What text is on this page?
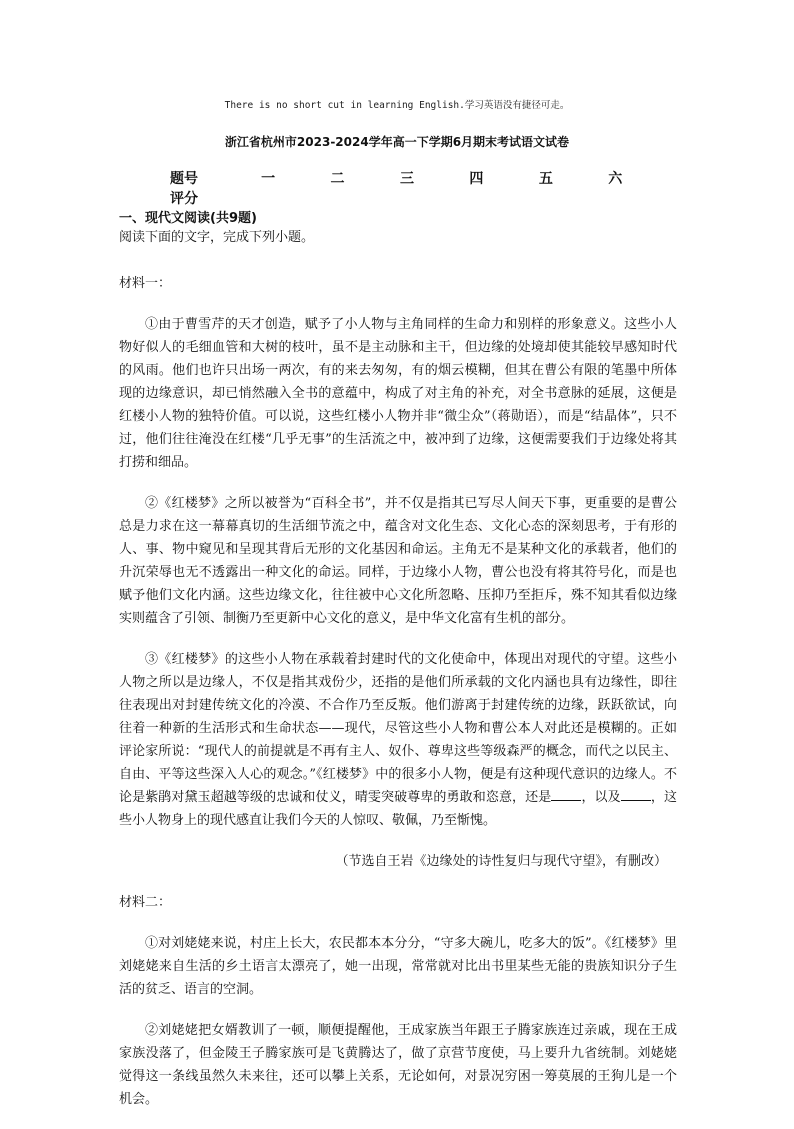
There is no short cut in learning English.学习英语没有捷径可走。
浙江省杭州市2023-2024学年高一下学期6月期末考试语文试卷
题号	一	二	三	四	五	六
评分

一、现代文阅读(共9题)

阅读下面的文字，完成下列小题。

材料一：

①由于曹雪芹的天才创造，赋予了小人物与主角同样的生命力和别样的形象意义。这些小人物好似人的毛细血管和大树的枝叶，虽不是主动脉和主干，但边缘的处境却使其能较早感知时代的风雨。他们也许只出场一两次，有的来去匆匆，有的烟云模糊，但其在曹公有限的笔墨中所体现的边缘意识，却已悄然融入全书的意蕴中，构成了对主角的补充，对全书意脉的延展，这便是红楼小人物的独特价值。可以说，这些红楼小人物并非“微尘众”（蒋勋语），而是“结晶体”，只不过，他们往往淹没在红楼“几乎无事”的生活流之中，被冲到了边缘，这便需要我们于边缘处将其打捞和细品。

②《红楼梦》之所以被誉为“百科全书”，并不仅是指其已写尽人间天下事，更重要的是曹公总是力求在这一幕幕真切的生活细节流之中，蕴含对文化生态、文化心态的深刻思考，于有形的人、事、物中窥见和呈现其背后无形的文化基因和命运。主角无不是某种文化的承载者，他们的升沉荣辱也无不透露出一种文化的命运。同样，于边缘小人物，曹公也没有将其符号化，而是也赋予他们文化内涵。这些边缘文化，往往被中心文化所忽略、压抑乃至拒斥，殊不知其看似边缘实则蕴含了引领、制衡乃至更新中心文化的意义，是中华文化富有生机的部分。

③《红楼梦》的这些小人物在承载着封建时代的文化使命中，体现出对现代的守望。这些小人物之所以是边缘人，不仅是指其戏份少，还指的是他们所承载的文化内涵也具有边缘性，即往往表现出对封建传统文化的冷漠、不合作乃至反叛。他们游离于封建传统的边缘，跃跃欲试，向往着一种新的生活形式和生命状态——现代，尽管这些小人物和曹公本人对此还是模糊的。正如评论家所说：“现代人的前提就是不再有主人、奴仆、尊卑这些等级森严的概念，而代之以民主、自由、平等这些深入人心的观念。”《红楼梦》中的很多小人物，便是有这种现代意识的边缘人。不论是紫鹃对黛玉超越等级的忠诚和仗义，晴雯突破尊卑的勇敢和恣意，还是 ，以及 ，这些小人物身上的现代感直让我们今天的人惊叹、敬佩，乃至惭愧。

（节选自王岩《边缘处的诗性复归与现代守望》，有删改）

材料二：

①对刘姥姥来说，村庄上长大，农民都本本分分，“守多大碗儿，吃多大的饭”。《红楼梦》里刘姥姥来自生活的乡土语言太漂亮了，她一出现，常常就对比出书里某些无能的贵族知识分子生活的贫乏、语言的空洞。

②刘姥姥把女婿教训了一顿，顺便提醒他，王成家族当年跟王子腾家族连过亲戚，现在王成家族没落了，但金陵王子腾家族可是飞黄腾达了，做了京营节度使，马上要升九省统制。刘姥姥觉得这一条线虽然久未来往，还可以攀上关系，无论如何，对景况穷困一筹莫展的王狗儿是一个机会。
